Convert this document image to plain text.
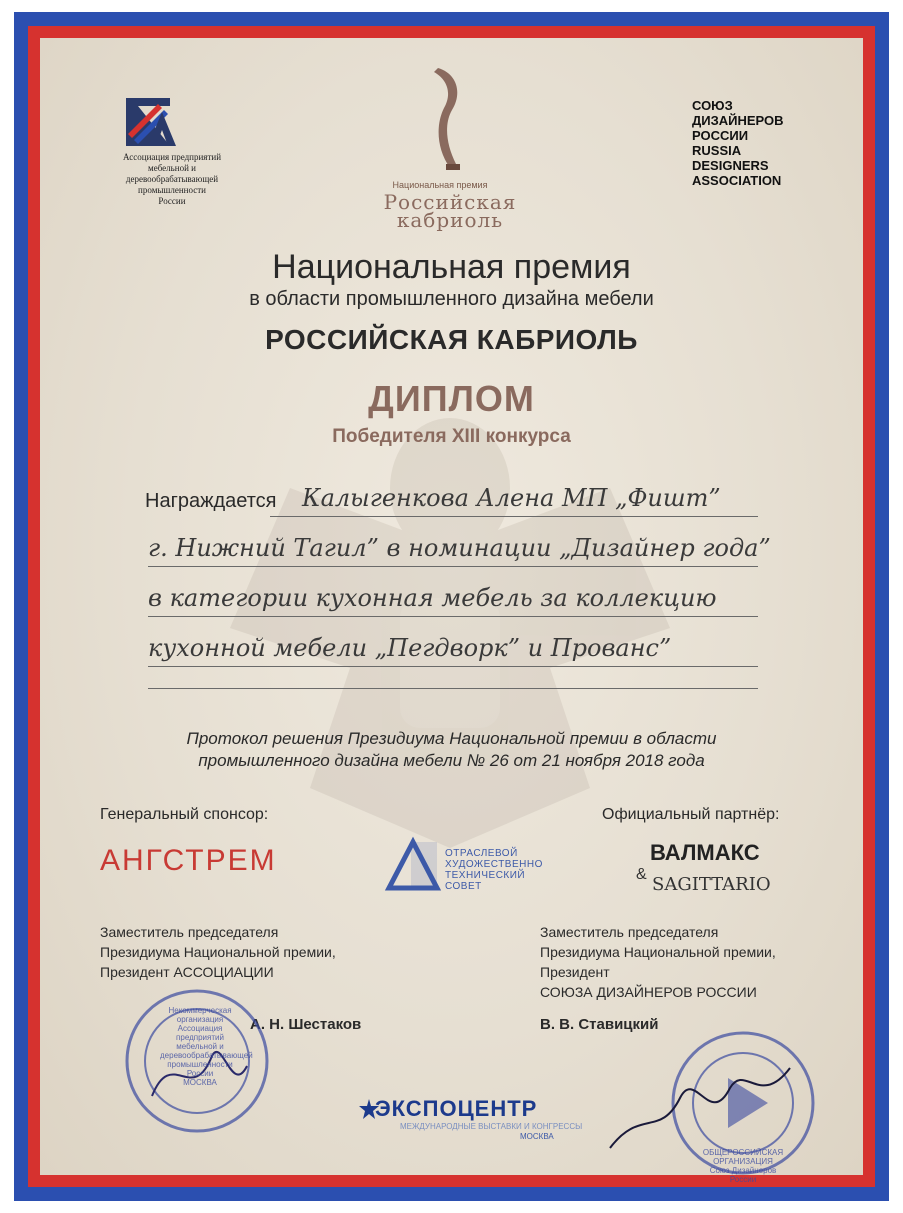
Ассоциация предприятий
мебельной и
деревообрабатывающей
промышленности
России
Национальная премия
Российская
кабриоль
СОЮЗ
ДИЗАЙНЕРОВ
РОССИИ
RUSSIA
DESIGNERS
ASSOCIATION
Национальная премия
в области промышленного дизайна мебели
РОССИЙСКАЯ КАБРИОЛЬ
ДИПЛОМ
Победителя XIII конкурса
Награждается Калыгенкова Алена МП „Фишт”
г. Нижний Тагил” в номинации „Дизайнер года”
в категории кухонная мебель за коллекцию
кухонной мебели „Пегдворк” и Прованс”
Протокол решения Президиума Национальной премии в области
промышленного дизайна мебели № 26 от 21 ноября 2018 года
Генеральный спонсор:
АНГСТРЕМ	ОТРАСЛЕВОЙ
ХУДОЖЕСТВЕННО
ТЕХНИЧЕСКИЙ
СОВЕТ
Официальный партнёр:
ВАЛМАКС
& SAGITTARIO
Заместитель председателя
Президиума Национальной премии,
Президент АССОЦИАЦИИ
А. Н. Шестаков
Некоммерческая организация
Ассоциация
предприятий
мебельной и
деревообрабатывающей
промышленности
России
МОСКВА
Заместитель председателя
Президиума Национальной премии,
Президент
СОЮЗА ДИЗАЙНЕРОВ РОССИИ
В. В. Ставицкий
ОБЩЕРОССИЙСКАЯ ОРГАНИЗАЦИЯ
Союз Дизайнеров
России
ЭКСПОЦЕНТР
МЕЖДУНАРОДНЫЕ ВЫСТАВКИ И КОНГРЕССЫ
МОСКВА
